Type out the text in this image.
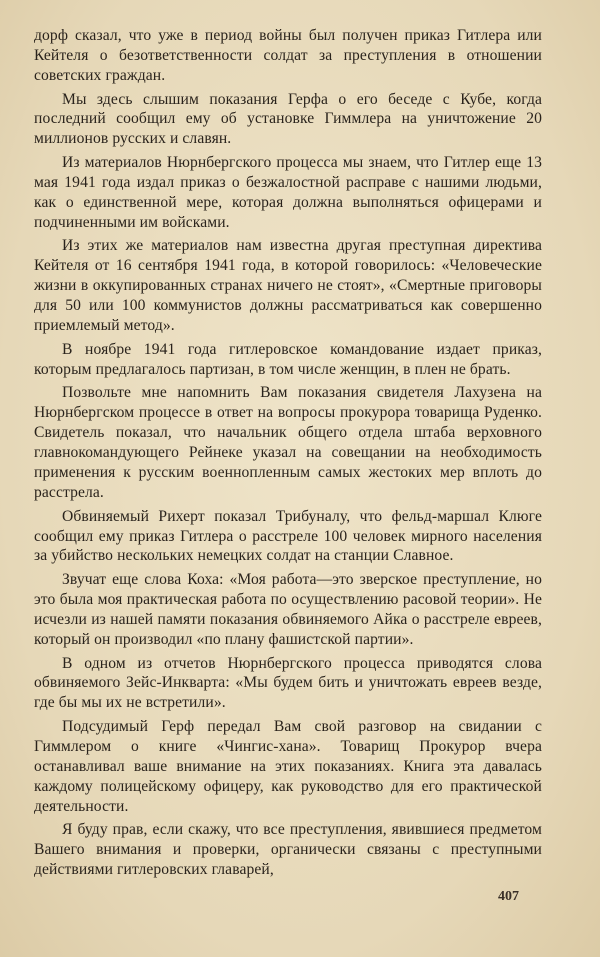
дорф сказал, что уже в период войны был получен приказ Гитлера или Кейтеля о безответственности солдат за преступления в отношении советских граждан.

Мы здесь слышим показания Герфа о его беседе с Кубе, когда последний сообщил ему об установке Гиммлера на уничтожение 20 миллионов русских и славян.

Из материалов Нюрнбергского процесса мы знаем, что Гитлер еще 13 мая 1941 года издал приказ о безжалостной расправе с нашими людьми, как о единственной мере, которая должна выполняться офицерами и подчиненными им войсками.

Из этих же материалов нам известна другая преступная директива Кейтеля от 16 сентября 1941 года, в которой говорилось: «Человеческие жизни в оккупированных странах ничего не стоят», «Смертные приговоры для 50 или 100 коммунистов должны рассматриваться как совершенно приемлемый метод».

В ноябре 1941 года гитлеровское командование издает приказ, которым предлагалось партизан, в том числе женщин, в плен не брать.

Позвольте мне напомнить Вам показания свидетеля Лахузена на Нюрнбергском процессе в ответ на вопросы прокурора товарища Руденко. Свидетель показал, что начальник общего отдела штаба верховного главнокомандующего Рейнеке указал на совещании на необходимость применения к русским военнопленным самых жестоких мер вплоть до расстрела.

Обвиняемый Рихерт показал Трибуналу, что фельд-маршал Клюге сообщил ему приказ Гитлера о расстреле 100 человек мирного населения за убийство нескольких немецких солдат на станции Славное.

Звучат еще слова Коха: «Моя работа—это зверское преступление, но это была моя практическая работа по осуществлению расовой теории». Не исчезли из нашей памяти показания обвиняемого Айка о расстреле евреев, который он производил «по плану фашистской партии».

В одном из отчетов Нюрнбергского процесса приводятся слова обвиняемого Зейс-Инкварта: «Мы будем бить и уничтожать евреев везде, где бы мы их не встретили».

Подсудимый Герф передал Вам свой разговор на свидании с Гиммлером о книге «Чингис-хана». Товарищ Прокурор вчера останавливал ваше внимание на этих показаниях. Книга эта давалась каждому полицейскому офицеру, как руководство для его практической деятельности.

Я буду прав, если скажу, что все преступления, явившиеся предметом Вашего внимания и проверки, органически связаны с преступными действиями гитлеровских главарей,

407
